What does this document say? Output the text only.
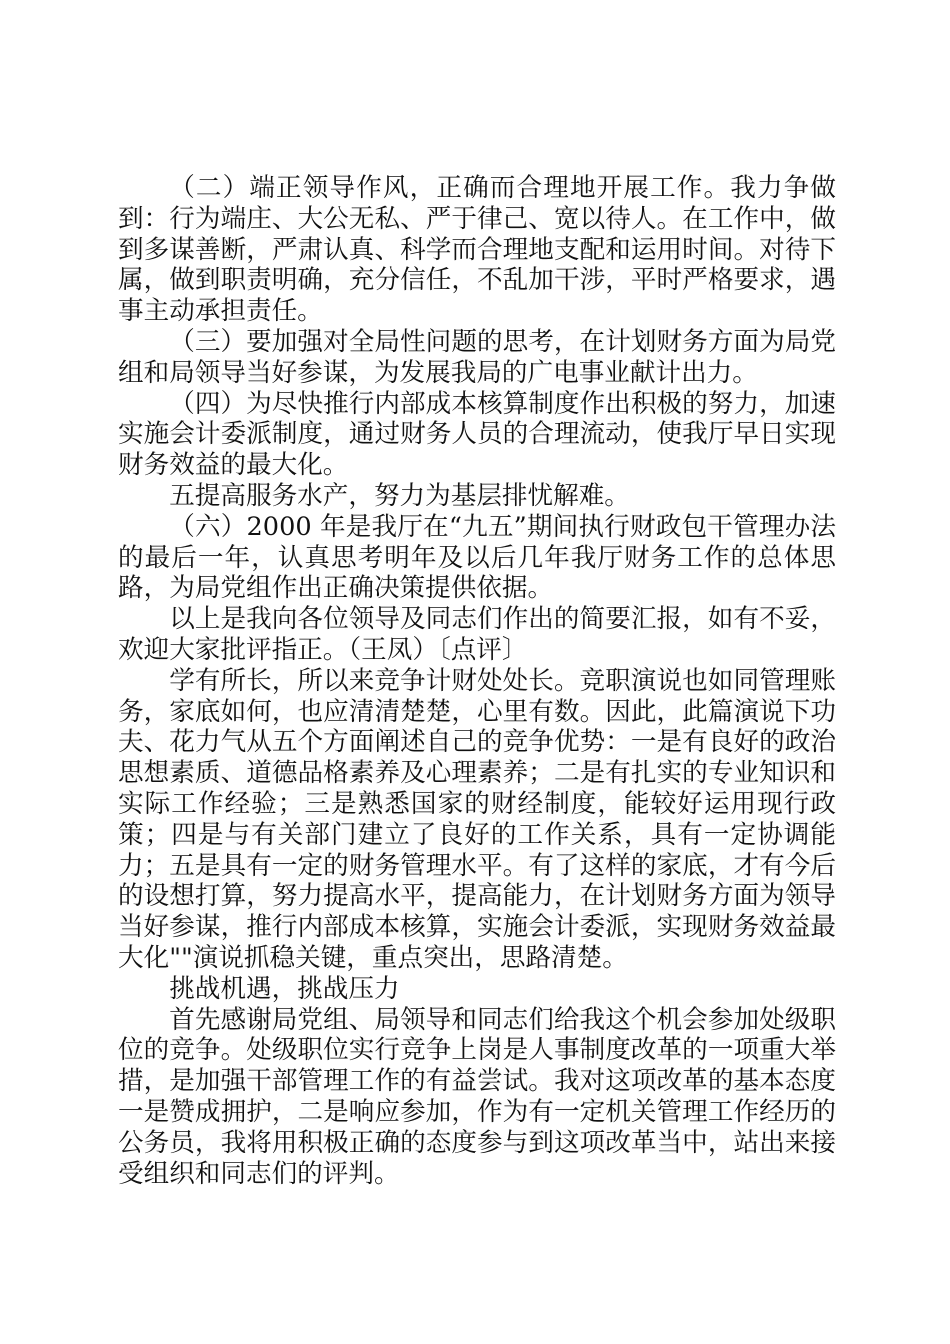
（二）端正领导作风，正确而合理地开展工作。我力争做到：行为端庄、大公无私、严于律己、宽以待人。在工作中，做到多谋善断，严肃认真、科学而合理地支配和运用时间。对待下属，做到职责明确，充分信任，不乱加干涉，平时严格要求，遇事主动承担责任。

（三）要加强对全局性问题的思考，在计划财务方面为局党组和局领导当好参谋，为发展我局的广电事业献计出力。

（四）为尽快推行内部成本核算制度作出积极的努力，加速实施会计委派制度，通过财务人员的合理流动，使我厅早日实现财务效益的最大化。

五提高服务水产，努力为基层排忧解难。

（六）2000 年是我厅在“九五”期间执行财政包干管理办法的最后一年，认真思考明年及以后几年我厅财务工作的总体思路，为局党组作出正确决策提供依据。

以上是我向各位领导及同志们作出的简要汇报，如有不妥，欢迎大家批评指正。（王凤）〔点评〕

学有所长，所以来竞争计财处处长。竞职演说也如同管理账务，家底如何，也应清清楚楚，心里有数。因此，此篇演说下功夫、花力气从五个方面阐述自己的竞争优势：一是有良好的政治思想素质、道德品格素养及心理素养；二是有扎实的专业知识和实际工作经验；三是熟悉国家的财经制度，能较好运用现行政策；四是与有关部门建立了良好的工作关系，具有一定协调能力；五是具有一定的财务管理水平。有了这样的家底，才有今后的设想打算，努力提高水平，提高能力，在计划财务方面为领导当好参谋，推行内部成本核算，实施会计委派，实现财务效益最大化""演说抓稳关键，重点突出，思路清楚。

挑战机遇，挑战压力

首先感谢局党组、局领导和同志们给我这个机会参加处级职位的竞争。处级职位实行竞争上岗是人事制度改革的一项重大举措，是加强干部管理工作的有益尝试。我对这项改革的基本态度一是赞成拥护，二是响应参加，作为有一定机关管理工作经历的公务员，我将用积极正确的态度参与到这项改革当中，站出来接受组织和同志们的评判。
